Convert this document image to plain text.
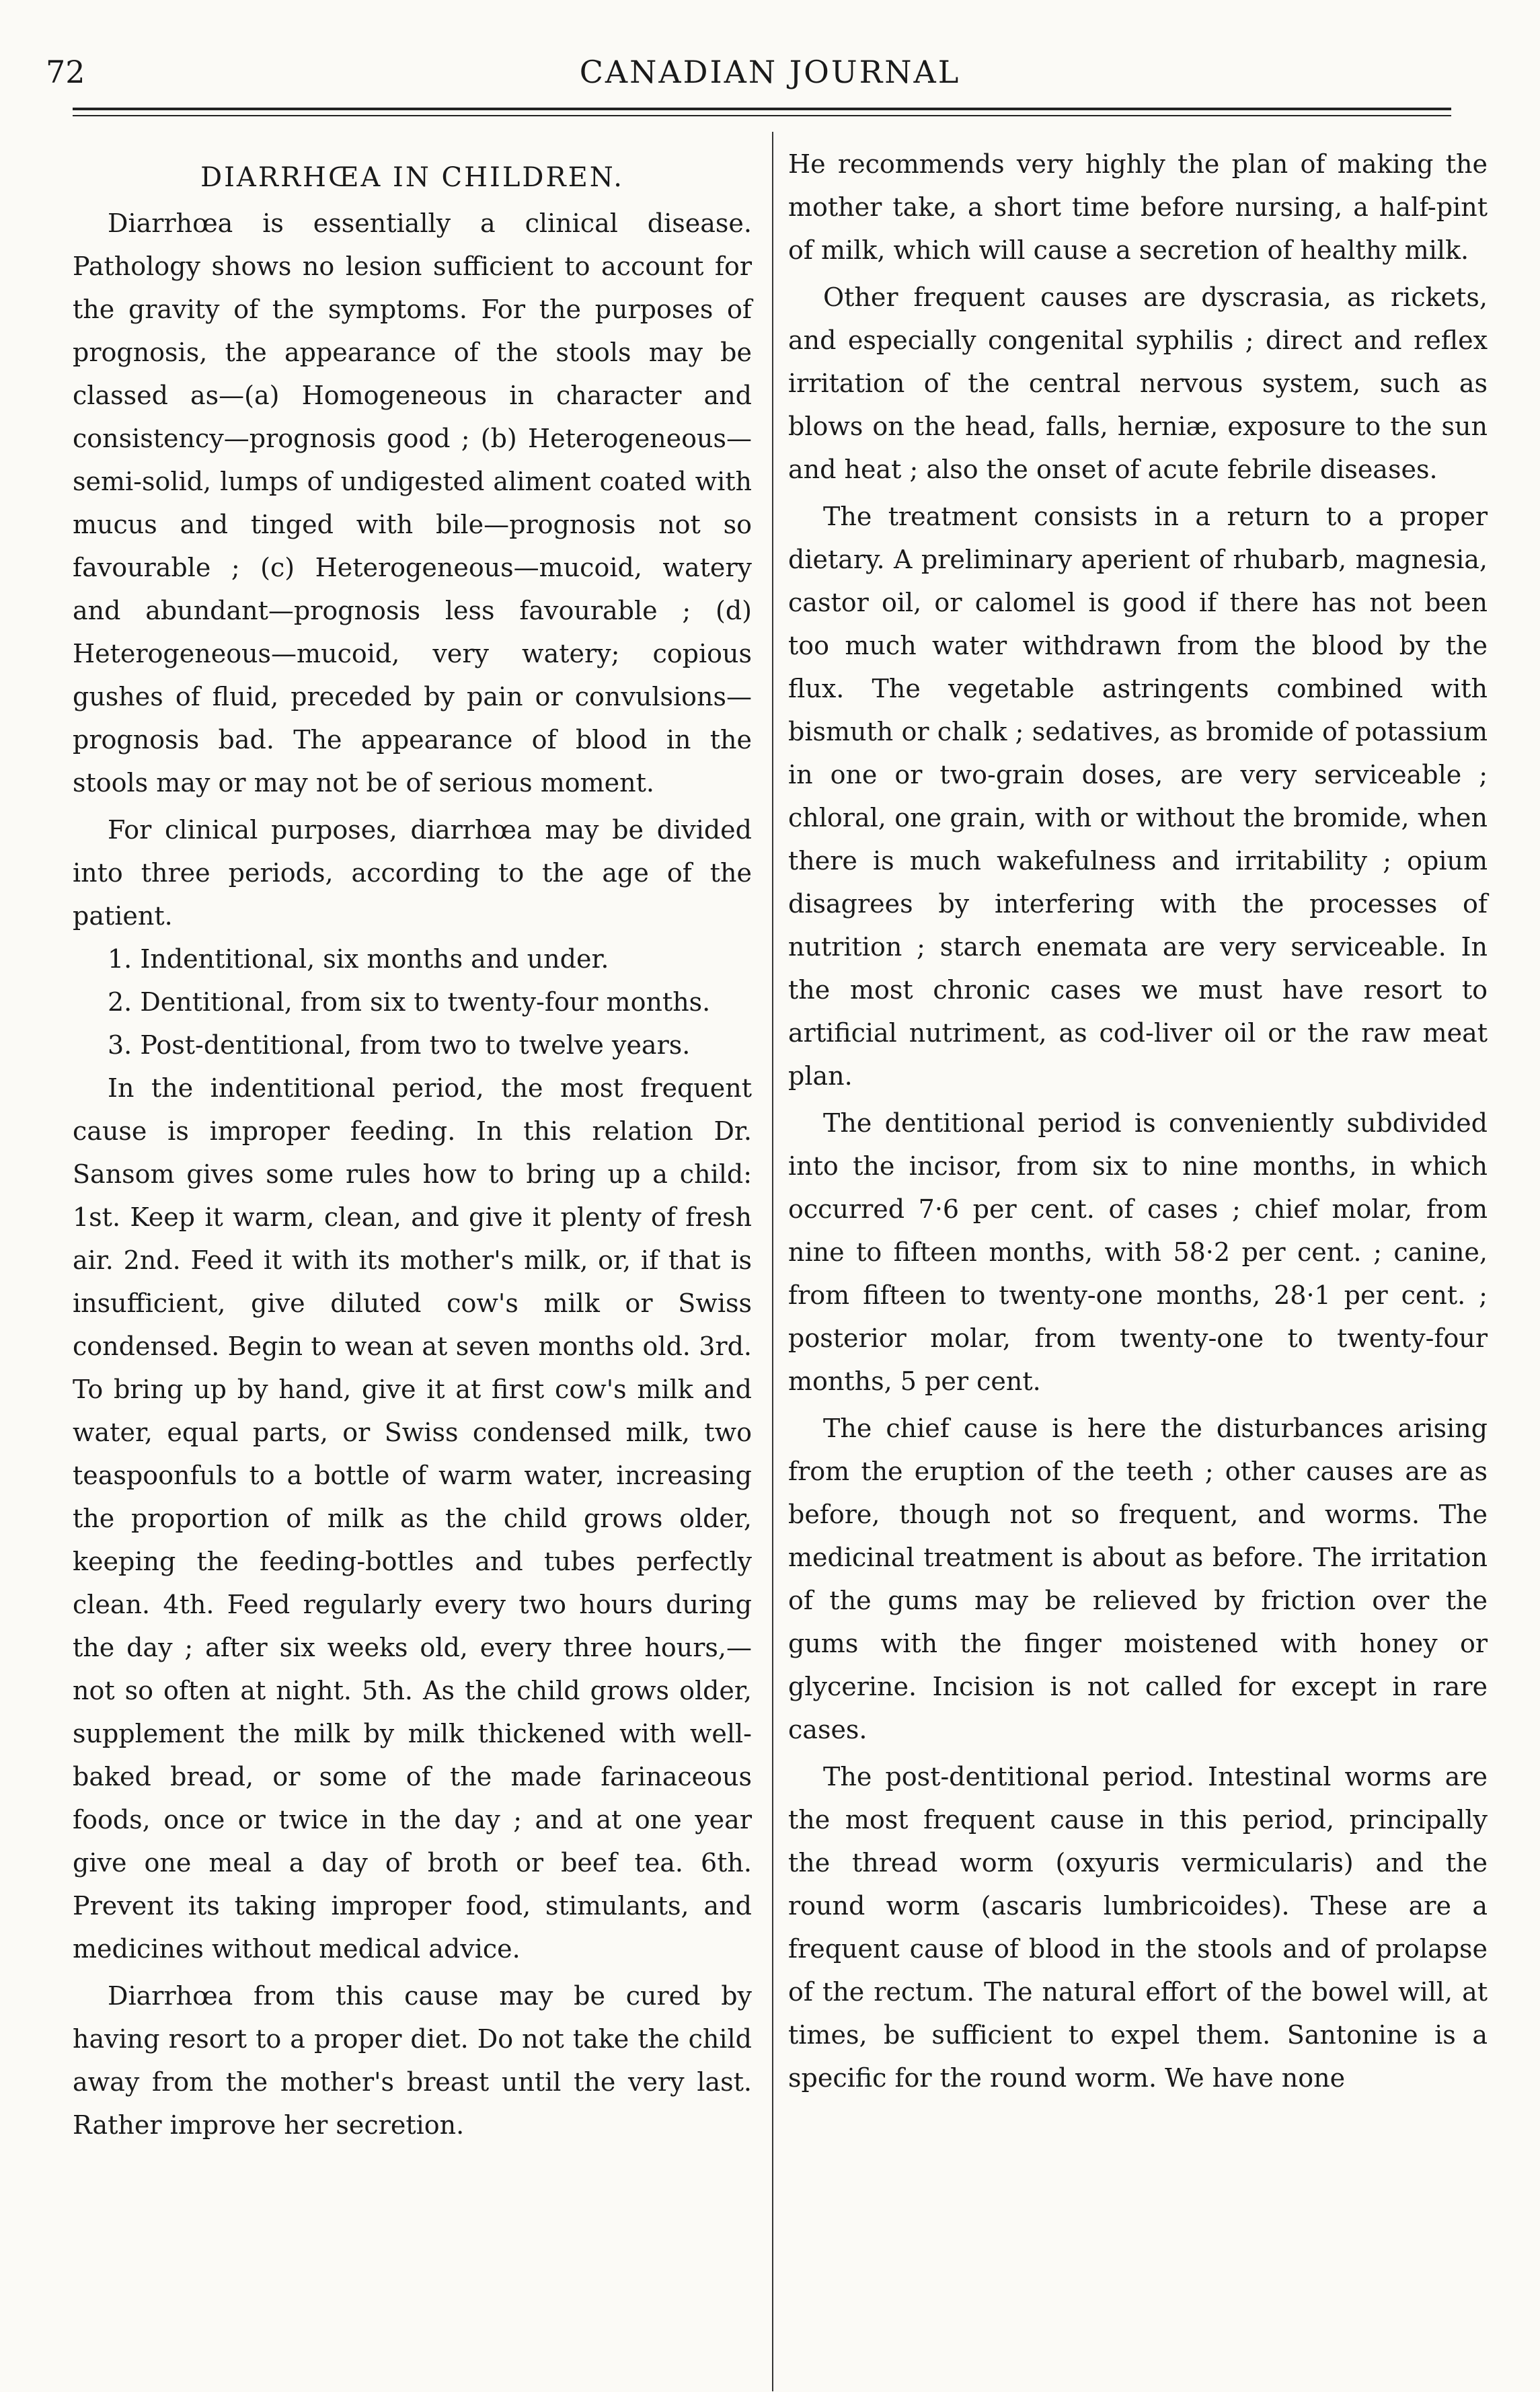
72	CANADIAN JOURNAL
DIARRHŒA IN CHILDREN.

Diarrhœa is essentially a clinical disease. Pathology shows no lesion sufficient to account for the gravity of the symptoms. For the purposes of prognosis, the appearance of the stools may be classed as—(a) Homogeneous in character and consistency—prognosis good ; (b) Heterogeneous—semi-solid, lumps of undigested aliment coated with mucus and tinged with bile—prognosis not so favourable ; (c) Heterogeneous—mucoid, watery and abundant—prognosis less favourable ; (d) Heterogeneous—mucoid, very watery; copious gushes of fluid, preceded by pain or convulsions—prognosis bad. The appearance of blood in the stools may or may not be of serious moment.

For clinical purposes, diarrhœa may be divided into three periods, according to the age of the patient.

1. Indentitional, six months and under.

2. Dentitional, from six to twenty-four months.

3. Post-dentitional, from two to twelve years.

In the indentitional period, the most frequent cause is improper feeding. In this relation Dr. Sansom gives some rules how to bring up a child: 1st. Keep it warm, clean, and give it plenty of fresh air. 2nd. Feed it with its mother's milk, or, if that is insufficient, give diluted cow's milk or Swiss condensed. Begin to wean at seven months old. 3rd. To bring up by hand, give it at first cow's milk and water, equal parts, or Swiss condensed milk, two teaspoonfuls to a bottle of warm water, increasing the proportion of milk as the child grows older, keeping the feeding-bottles and tubes perfectly clean. 4th. Feed regularly every two hours during the day ; after six weeks old, every three hours,—not so often at night. 5th. As the child grows older, supplement the milk by milk thickened with well-baked bread, or some of the made farinaceous foods, once or twice in the day ; and at one year give one meal a day of broth or beef tea. 6th. Prevent its taking improper food, stimulants, and medicines without medical advice.

Diarrhœa from this cause may be cured by having resort to a proper diet. Do not take the child away from the mother's breast until the very last. Rather improve her secretion.

He recommends very highly the plan of making the mother take, a short time before nursing, a half-pint of milk, which will cause a secretion of healthy milk.

Other frequent causes are dyscrasia, as rickets, and especially congenital syphilis ; direct and reflex irritation of the central nervous system, such as blows on the head, falls, herniæ, exposure to the sun and heat ; also the onset of acute febrile diseases.

The treatment consists in a return to a proper dietary. A preliminary aperient of rhubarb, magnesia, castor oil, or calomel is good if there has not been too much water withdrawn from the blood by the flux. The vegetable astringents combined with bismuth or chalk ; sedatives, as bromide of potassium in one or two-grain doses, are very serviceable ; chloral, one grain, with or without the bromide, when there is much wakefulness and irritability ; opium disagrees by interfering with the processes of nutrition ; starch enemata are very serviceable. In the most chronic cases we must have resort to artificial nutriment, as cod-liver oil or the raw meat plan.

The dentitional period is conveniently subdivided into the incisor, from six to nine months, in which occurred 7·6 per cent. of cases ; chief molar, from nine to fifteen months, with 58·2 per cent. ; canine, from fifteen to twenty-one months, 28·1 per cent. ; posterior molar, from twenty-one to twenty-four months, 5 per cent.

The chief cause is here the disturbances arising from the eruption of the teeth ; other causes are as before, though not so frequent, and worms. The medicinal treatment is about as before. The irritation of the gums may be relieved by friction over the gums with the finger moistened with honey or glycerine. Incision is not called for except in rare cases.

The post-dentitional period. Intestinal worms are the most frequent cause in this period, principally the thread worm (oxyuris vermicularis) and the round worm (ascaris lumbricoides). These are a frequent cause of blood in the stools and of prolapse of the rectum. The natural effort of the bowel will, at times, be sufficient to expel them. Santonine is a specific for the round worm. We have none
